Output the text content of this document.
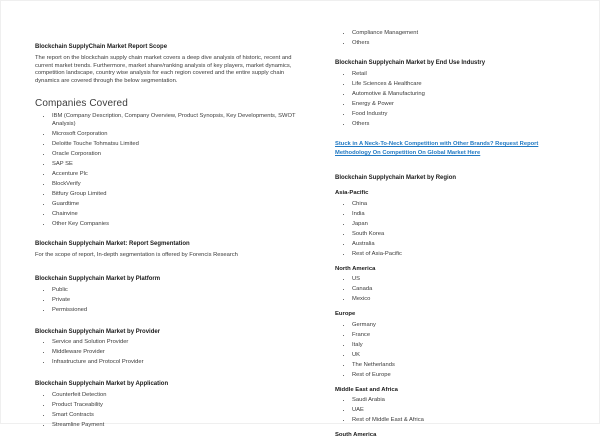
Blockchain SupplyChain Market Report Scope

The report on the blockchain supply chain market covers a deep dive analysis of historic, recent and current market trends. Furthermore, market share/ranking analysis of key players, market dynamics, competition landscape, country wise analysis for each region covered and the entire supply chain dynamics are covered through the below segmentation.

Companies Covered
• IBM (Company Description, Company Overview, Product Synopsis, Key Developments, SWOT Analysis)
• Microsoft Corporation
• Deloitte Touche Tohmatsu Limited
• Oracle Corporation
• SAP SE
• Accenture Plc
• BlockVerify
• Bitfury Group Limited
• Guardtime
• Chainvine
• Other Key Companies
Blockchain Supplychain Market: Report Segmentation

For the scope of report, In-depth segmentation is offered by Forencis Research

Blockchain Supplychain Market by Platform
• Public
• Private
• Permissioned
Blockchain Supplychain Market by Provider
• Service and Solution Provider
• Middleware Provider
• Infrastructure and Protocol Provider
Blockchain Supplychain Market by Application
• Counterfeit Detection
• Product Traceability
• Smart Contracts
• Streamline Payment
• Compliance Management
• Others
Blockchain Supplychain Market by End Use Industry
• Retail
• Life Sciences & Healthcare
• Automotive & Manufacturing
• Energy & Power
• Food Industry
• Others
Stuck in A Neck-To-Neck Competition with Other Brands? Request Report Methodology On Competition On Global Market Here
Blockchain Supplychain Market by Region
Asia-Pacific
• China
• India
• Japan
• South Korea
• Australia
• Rest of Asia-Pacific
North America
• US
• Canada
• Mexico
Europe
• Germany
• France
• Italy
• UK
• The Netherlands
• Rest of Europe
Middle East and Africa
• Saudi Arabia
• UAE
• Rest of Middle East & Africa
South America
